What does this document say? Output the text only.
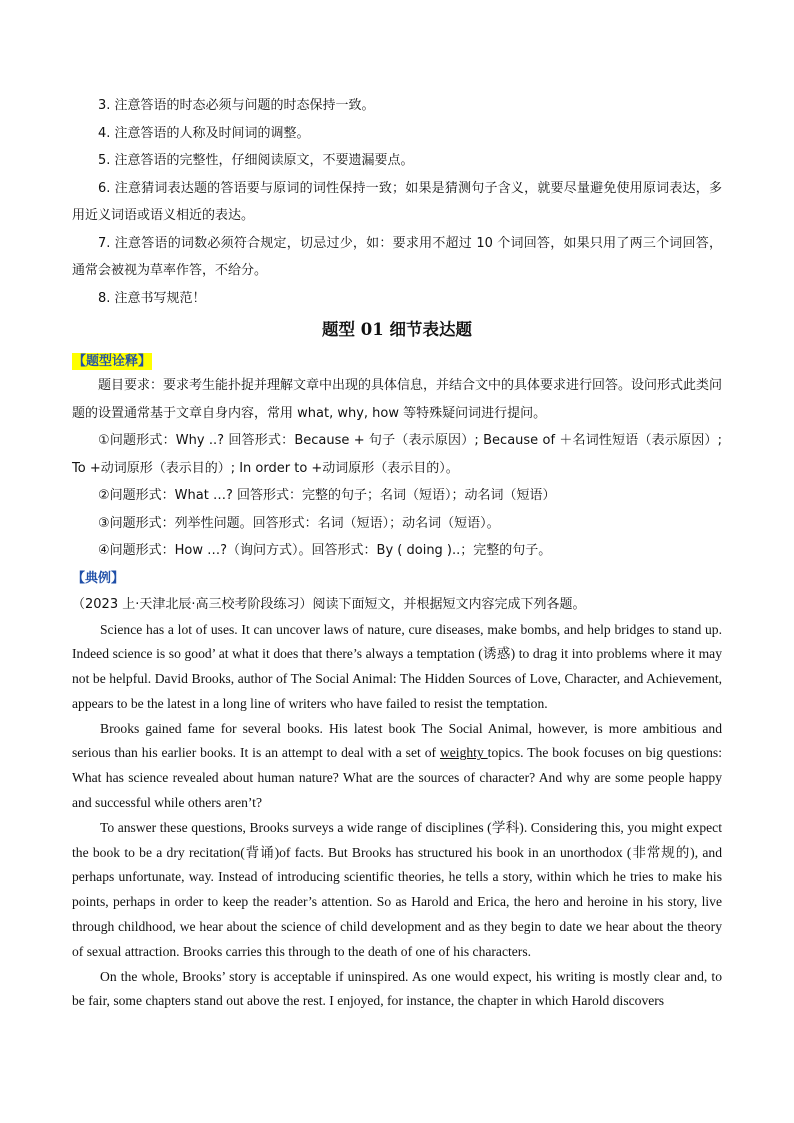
3. 注意答语的时态必须与问题的时态保持一致。

4. 注意答语的人称及时间词的调整。

5. 注意答语的完整性，仔细阅读原文，不要遗漏要点。

6. 注意猜词表达题的答语要与原词的词性保持一致；如果是猜测句子含义，就要尽量避免使用原词表达，多用近义词语或语义相近的表达。

7. 注意答语的词数必须符合规定，切忌过少，如：要求用不超过 10 个词回答，如果只用了两三个词回答，通常会被视为草率作答，不给分。

8. 注意书写规范！

题型 01 细节表达题

【题型诠释】

题目要求：要求考生能扑捉并理解文章中出现的具体信息，并结合文中的具体要求进行回答。设问形式此类问题的设置通常基于文章自身内容，常用 what, why, how 等特殊疑问词进行提问。

①问题形式：Why ..? 回答形式：Because + 句子（表示原因）; Because of ＋名词性短语（表示原因）; To +动词原形（表示目的）; In order to +动词原形（表示目的）。

②问题形式：What …? 回答形式：完整的句子；名词（短语）；动名词（短语）

③问题形式：列举性问题。回答形式：名词（短语）；动名词（短语）。

④问题形式：How …?（询问方式）。回答形式：By ( doing )..；完整的句子。

【典例】

（2023 上·天津北辰·高三校考阶段练习）阅读下面短文，并根据短文内容完成下列各题。

Science has a lot of uses. It can uncover laws of nature, cure diseases, make bombs, and help bridges to stand up. Indeed science is so good’ at what it does that there’s always a temptation (诱惑) to drag it into problems where it may not be helpful. David Brooks, author of The Social Animal: The Hidden Sources of Love, Character, and Achievement, appears to be the latest in a long line of writers who have failed to resist the temptation.

Brooks gained fame for several books. His latest book The Social Animal, however, is more ambitious and serious than his earlier books. It is an attempt to deal with a set of weighty topics. The book focuses on big questions: What has science revealed about human nature? What are the sources of character? And why are some people happy and successful while others aren’t?

To answer these questions, Brooks surveys a wide range of disciplines (学科). Considering this, you might expect the book to be a dry recitation(背诵)of facts. But Brooks has structured his book in an unorthodox (非常规的), and perhaps unfortunate, way. Instead of introducing scientific theories, he tells a story, within which he tries to make his points, perhaps in order to keep the reader’s attention. So as Harold and Erica, the hero and heroine in his story, live through childhood, we hear about the science of child development and as they begin to date we hear about the theory of sexual attraction. Brooks carries this through to the death of one of his characters.

On the whole, Brooks’ story is acceptable if uninspired. As one would expect, his writing is mostly clear and, to be fair, some chapters stand out above the rest. I enjoyed, for instance, the chapter in which Harold discovers
